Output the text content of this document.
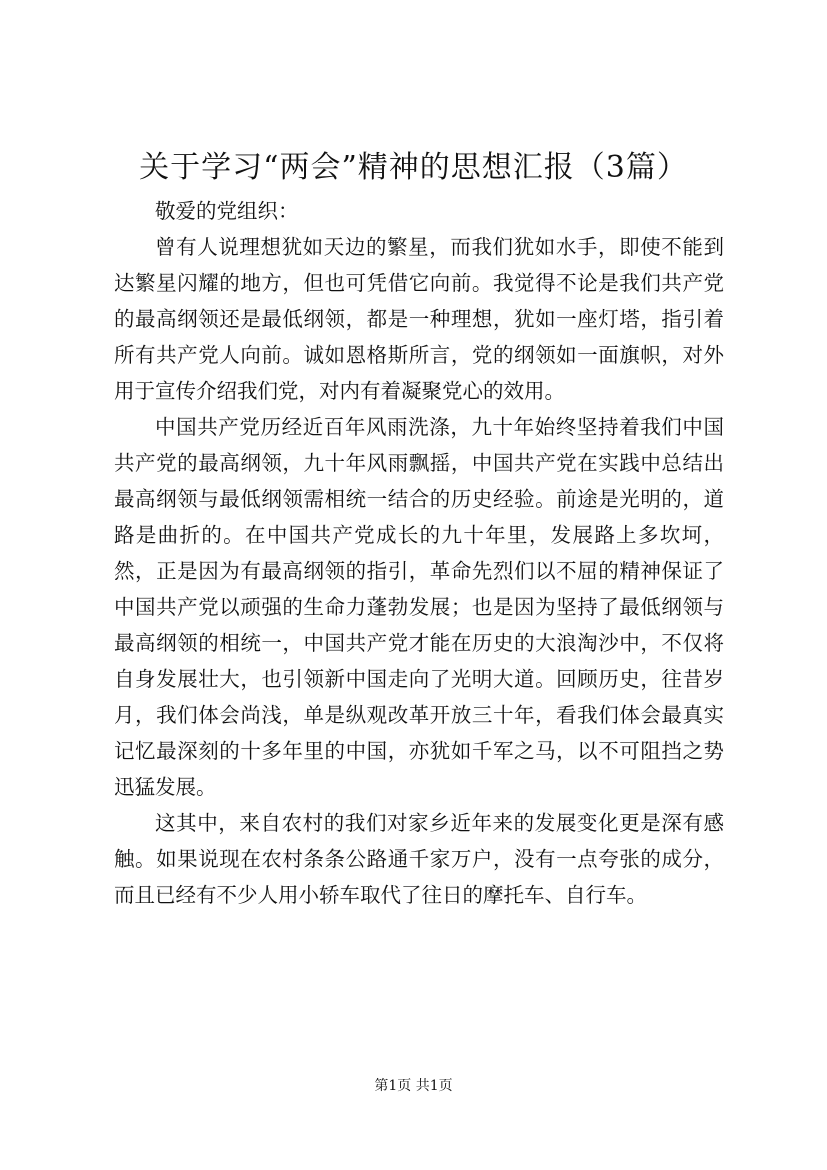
关于学习“两会”精神的思想汇报（3篇）

敬爱的党组织：

曾有人说理想犹如天边的繁星，而我们犹如水手，即使不能到达繁星闪耀的地方，但也可凭借它向前。我觉得不论是我们共产党的最高纲领还是最低纲领，都是一种理想，犹如一座灯塔，指引着所有共产党人向前。诚如恩格斯所言，党的纲领如一面旗帜，对外用于宣传介绍我们党，对内有着凝聚党心的效用。

中国共产党历经近百年风雨洗涤，九十年始终坚持着我们中国共产党的最高纲领，九十年风雨飘摇，中国共产党在实践中总结出最高纲领与最低纲领需相统一结合的历史经验。前途是光明的，道路是曲折的。在中国共产党成长的九十年里，发展路上多坎坷，然，正是因为有最高纲领的指引，革命先烈们以不屈的精神保证了中国共产党以顽强的生命力蓬勃发展；也是因为坚持了最低纲领与最高纲领的相统一，中国共产党才能在历史的大浪淘沙中，不仅将自身发展壮大，也引领新中国走向了光明大道。回顾历史，往昔岁月，我们体会尚浅，单是纵观改革开放三十年，看我们体会最真实记忆最深刻的十多年里的中国，亦犹如千军之马，以不可阻挡之势迅猛发展。

这其中，来自农村的我们对家乡近年来的发展变化更是深有感触。如果说现在农村条条公路通千家万户，没有一点夸张的成分，而且已经有不少人用小轿车取代了往日的摩托车、自行车。

第1页 共1页
